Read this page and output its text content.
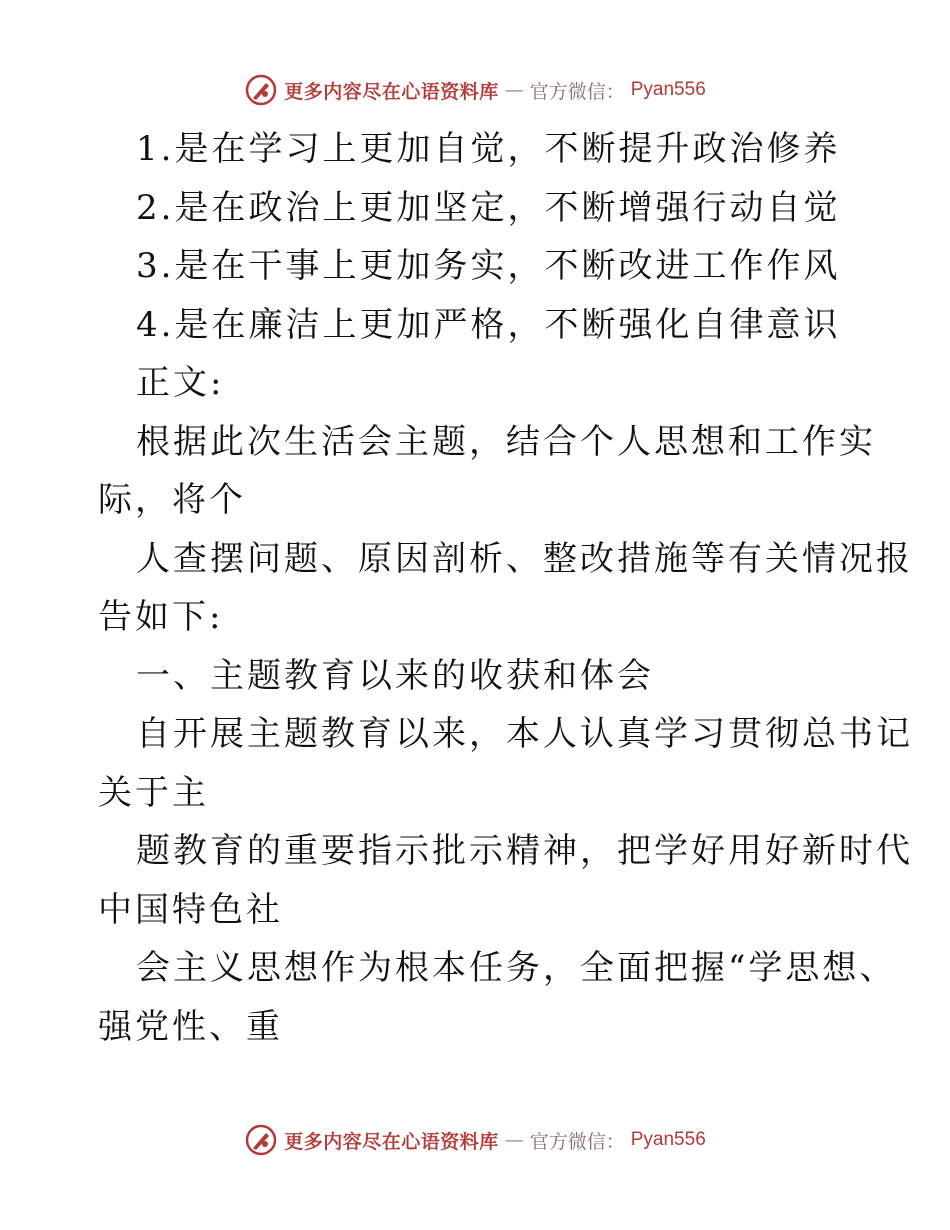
更多内容尽在心语资料库 — 官方微信： Pyan556
1.是在学习上更加自觉，不断提升政治修养
2.是在政治上更加坚定，不断增强行动自觉
3.是在干事上更加务实，不断改进工作作风
4.是在廉洁上更加严格，不断强化自律意识
正文:
根据此次生活会主题，结合个人思想和工作实
际，将个
人查摆问题、原因剖析、整改措施等有关情况报
告如下:
一、主题教育以来的收获和体会
自开展主题教育以来，本人认真学习贯彻总书记
关于主
题教育的重要指示批示精神，把学好用好新时代
中国特色社
会主义思想作为根本任务，全面把握“学思想、
强党性、重
更多内容尽在心语资料库 — 官方微信： Pyan556
